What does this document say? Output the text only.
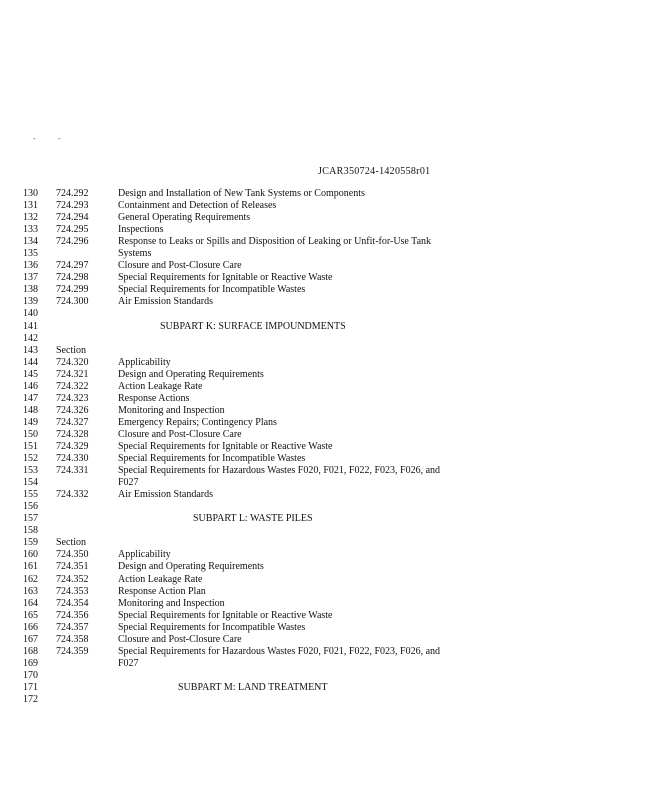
-	-
JCAR350724-1420558r01
130 724.292	Design and Installation of New Tank Systems or Components
131 724.293	Containment and Detection of Releases
132 724.294	General Operating Requirements
133 724.295	Inspections
134 724.296	Response to Leaks or Spills and Disposition of Leaking or Unfit-for-Use Tank
135	Systems
136 724.297	Closure and Post-Closure Care
137 724.298	Special Requirements for Ignitable or Reactive Waste
138 724.299	Special Requirements for Incompatible Wastes
139 724.300	Air Emission Standards
140
141	SUBPART K: SURFACE IMPOUNDMENTS
142
143 Section
144 724.320	Applicability
145 724.321	Design and Operating Requirements
146 724.322	Action Leakage Rate
147 724.323	Response Actions
148 724.326	Monitoring and Inspection
149 724.327	Emergency Repairs; Contingency Plans
150 724.328	Closure and Post-Closure Care
151 724.329	Special Requirements for Ignitable or Reactive Waste
152 724.330	Special Requirements for Incompatible Wastes
153 724.331	Special Requirements for Hazardous Wastes F020, F021, F022, F023, F026, and
154	F027
155 724.332	Air Emission Standards
156
157	SUBPART L: WASTE PILES
158
159 Section
160 724.350	Applicability
161 724.351	Design and Operating Requirements
162 724.352	Action Leakage Rate
163 724.353	Response Action Plan
164 724.354	Monitoring and Inspection
165 724.356	Special Requirements for Ignitable or Reactive Waste
166 724.357	Special Requirements for Incompatible Wastes
167 724.358	Closure and Post-Closure Care
168 724.359	Special Requirements for Hazardous Wastes F020, F021, F022, F023, F026, and
169	F027
170
171	SUBPART M: LAND TREATMENT
172
